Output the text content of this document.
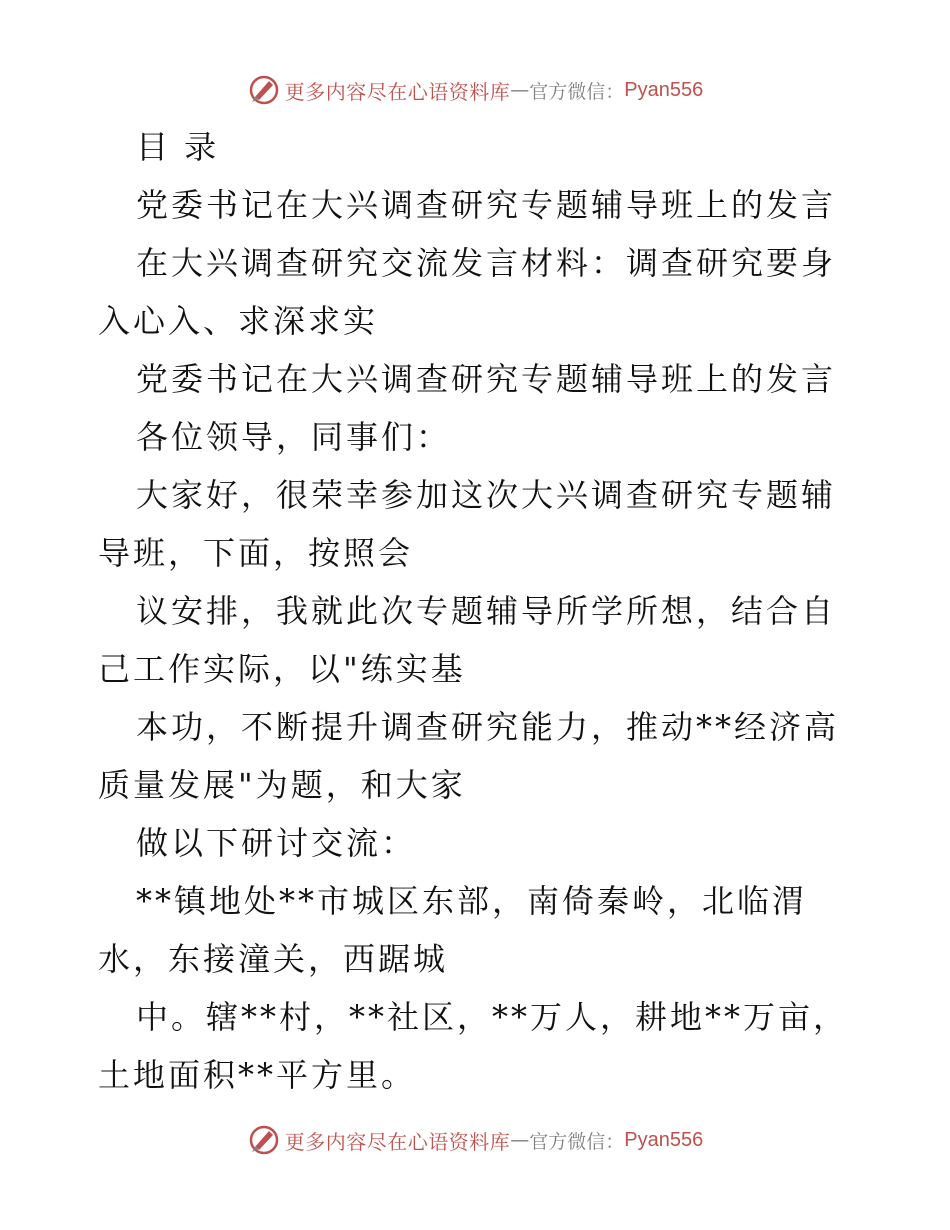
更多内容尽在心语资料库 — 官方微信： Pyan556

目 录

党委书记在大兴调查研究专题辅导班上的发言

在大兴调查研究交流发言材料：调查研究要身入心入、求深求实

党委书记在大兴调查研究专题辅导班上的发言

各位领导，同事们：

大家好，很荣幸参加这次大兴调查研究专题辅导班，下面，按照会

议安排，我就此次专题辅导所学所想，结合自己工作实际，以"练实基

本功，不断提升调查研究能力，推动**经济高质量发展"为题，和大家

做以下研讨交流：

**镇地处**市城区东部，南倚秦岭，北临渭水，东接潼关，西踞城

中。辖**村，**社区，**万人，耕地**万亩，土地面积**平方里。

更多内容尽在心语资料库 — 官方微信： Pyan556
